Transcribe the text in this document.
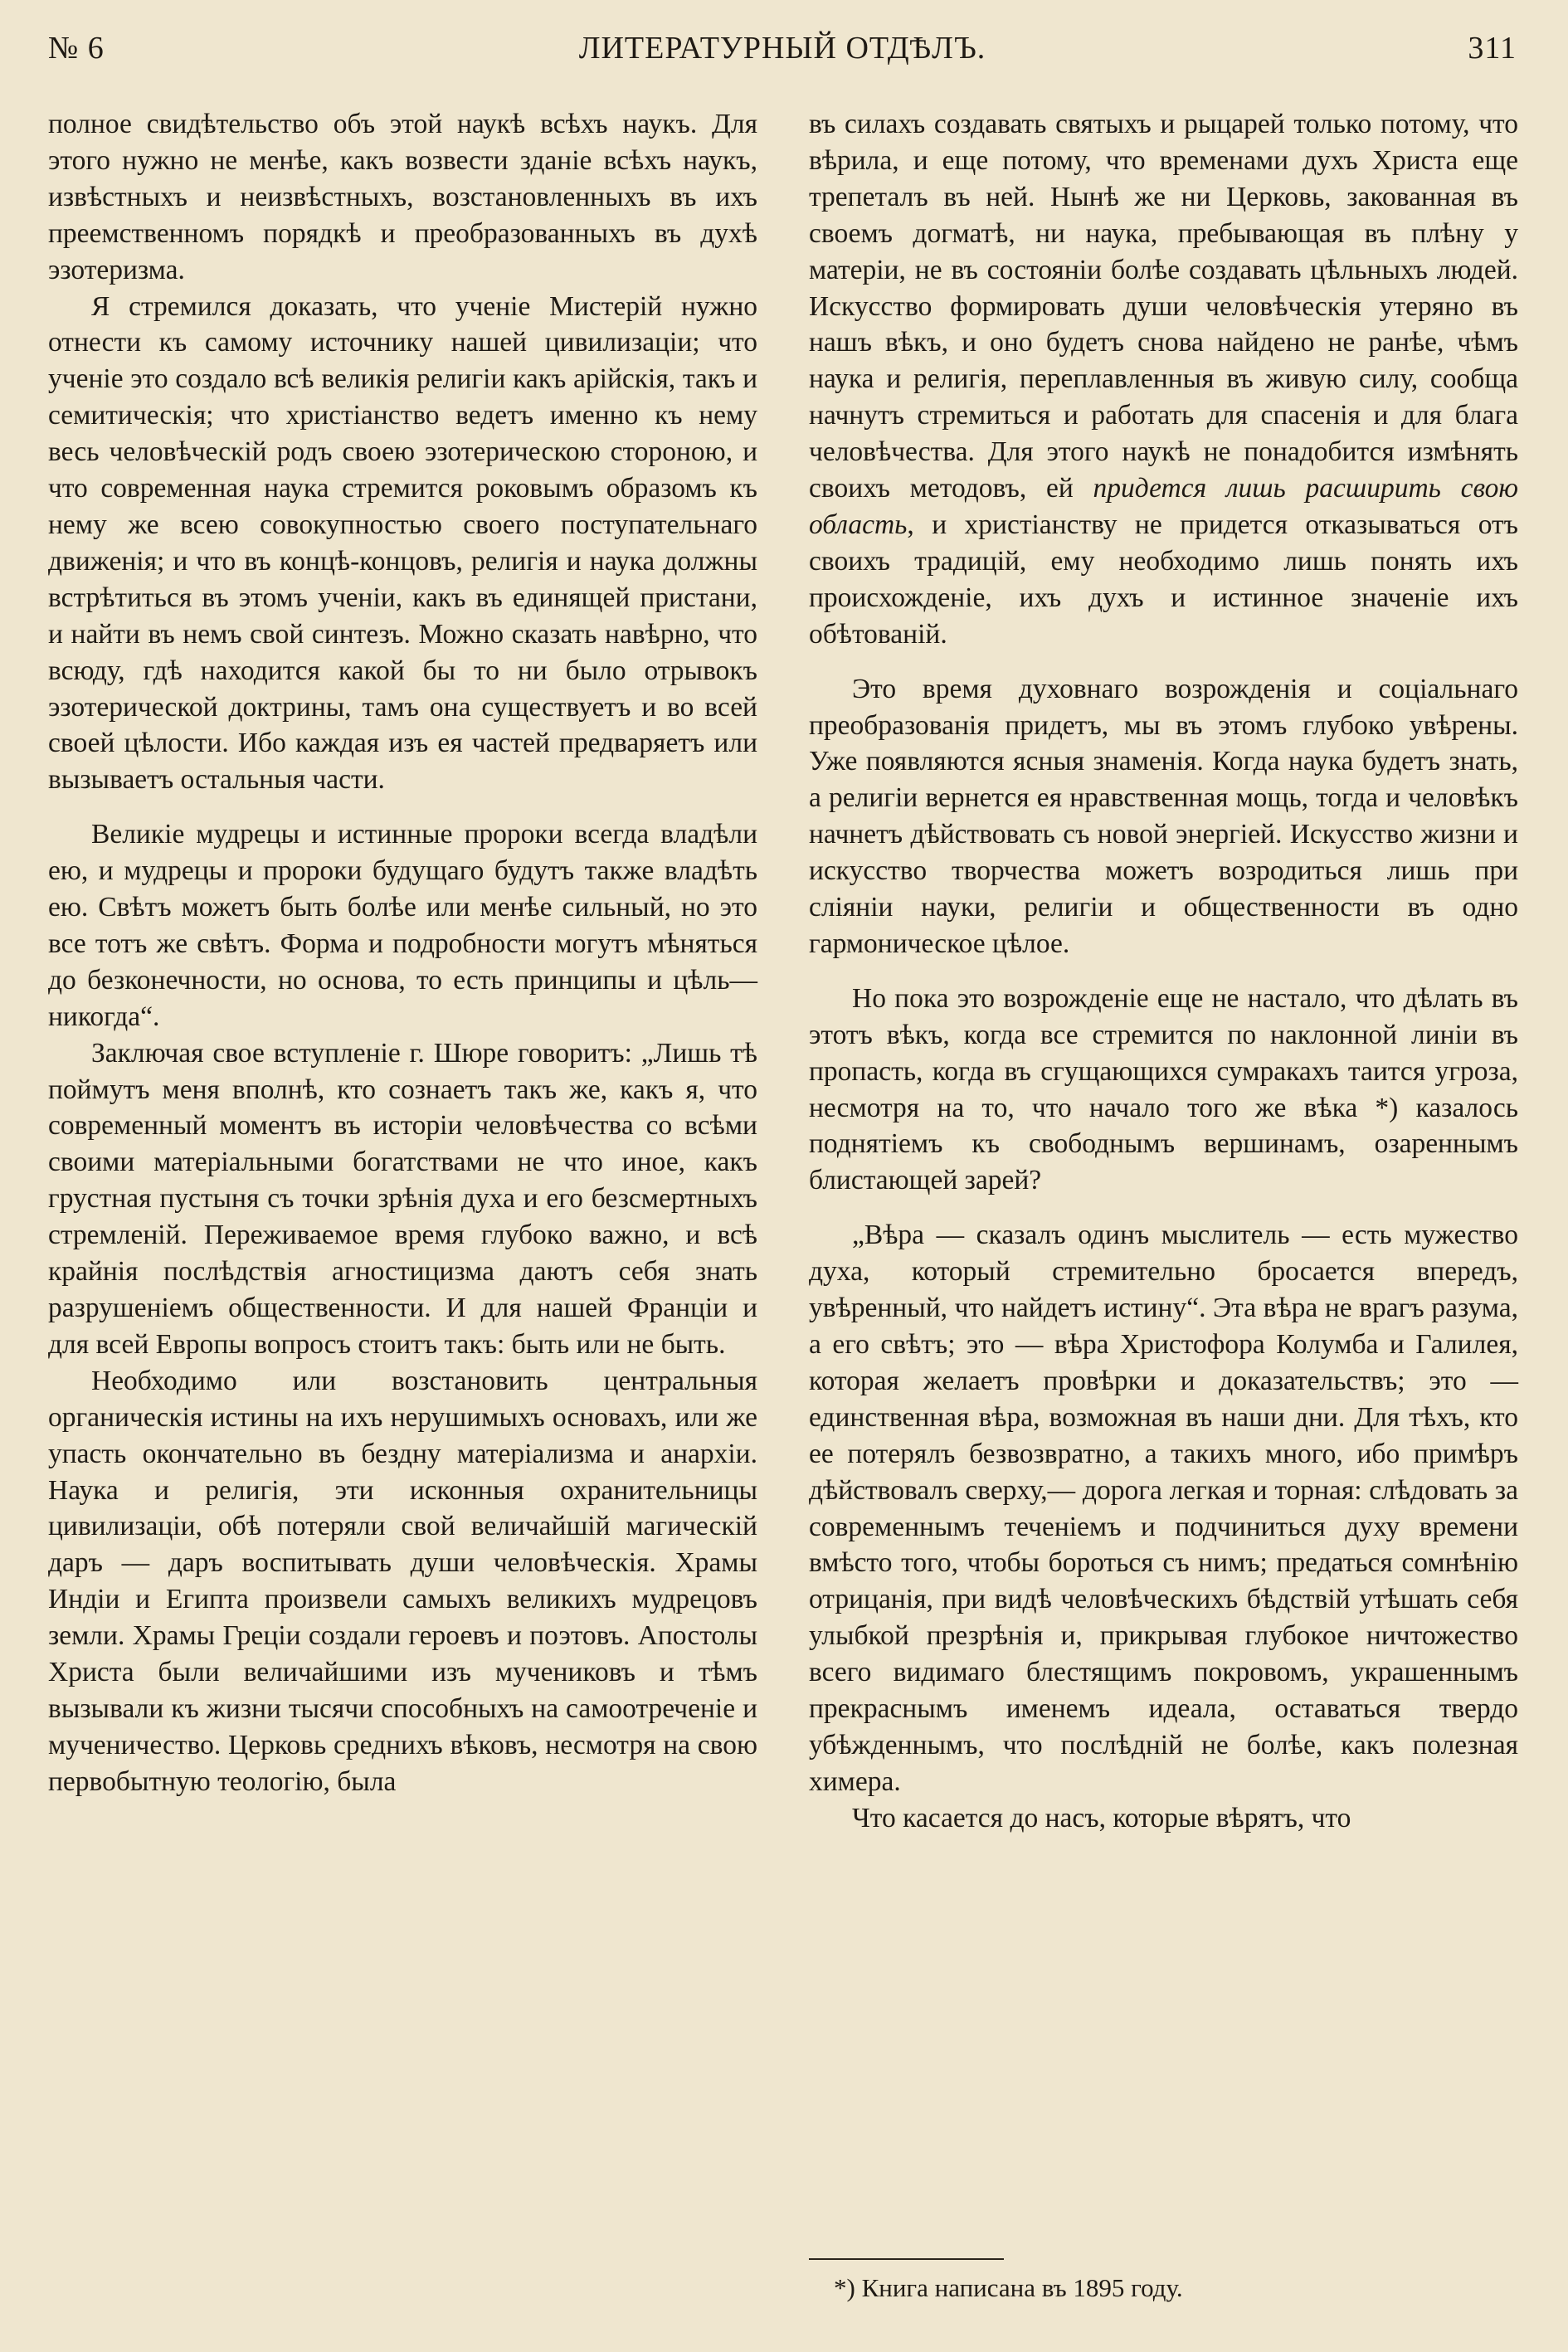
№ 6	ЛИТЕРАТУРНЫЙ ОТДѢЛЪ.	311

полное свидѣтельство объ этой наукѣ всѣхъ наукъ. Для этого нужно не менѣе, какъ возвести зданіе всѣхъ наукъ, извѣстныхъ и неизвѣстныхъ, возстановленныхъ въ ихъ преемственномъ порядкѣ и преобразованныхъ въ духѣ эзотеризма.

Я стремился доказать, что ученіе Мистерій нужно отнести къ самому источнику нашей цивилизаціи; что ученіе это создало всѣ великія религіи какъ арійскія, такъ и семитическія; что христіанство ведетъ именно къ нему весь человѣческій родъ своею эзотерическою стороною, и что современная наука стремится роковымъ образомъ къ нему же всею совокупностью своего поступательнаго движенія; и что въ концѣ-концовъ, религія и наука должны встрѣтиться въ этомъ ученіи, какъ въ единящей пристани, и найти въ немъ свой синтезъ. Можно сказать навѣрно, что всюду, гдѣ находится какой бы то ни было отрывокъ эзотерической доктрины, тамъ она существуетъ и во всей своей цѣлости. Ибо каждая изъ ея частей предваряетъ или вызываетъ остальныя части.

Великіе мудрецы и истинные пророки всегда владѣли ею, и мудрецы и пророки будущаго будутъ также владѣть ею. Свѣтъ можетъ быть болѣе или менѣе сильный, но это все тотъ же свѣтъ. Форма и подробности могутъ мѣняться до безконечности, но основа, то есть принципы и цѣль—никогда“.

Заключая свое вступленіе г. Шюре говоритъ: „Лишь тѣ поймутъ меня вполнѣ, кто сознаетъ такъ же, какъ я, что современный моментъ въ исторіи человѣчества со всѣми своими матеріальными богатствами не что иное, какъ грустная пустыня съ точки зрѣнія духа и его безсмертныхъ стремленій. Переживаемое время глубоко важно, и всѣ крайнія послѣдствія агностицизма даютъ себя знать разрушеніемъ общественности. И для нашей Франціи и для всей Европы вопросъ стоитъ такъ: быть или не быть.

Необходимо или возстановить центральныя органическія истины на ихъ нерушимыхъ основахъ, или же упасть окончательно въ бездну матеріализма и анархіи. Наука и религія, эти исконныя охранительницы цивилизаціи, обѣ потеряли свой величайшій магическій даръ — даръ воспитывать души человѣческія. Храмы Индіи и Египта произвели самыхъ великихъ мудрецовъ земли. Храмы Греціи создали героевъ и поэтовъ. Апостолы Христа были величайшими изъ мучениковъ и тѣмъ вызывали къ жизни тысячи способныхъ на самоотреченіе и мученичество. Церковь среднихъ вѣковъ, несмотря на свою первобытную теологію, была

въ силахъ создавать святыхъ и рыцарей только потому, что вѣрила, и еще потому, что временами духъ Христа еще трепеталъ въ ней. Нынѣ же ни Церковь, закованная въ своемъ догматѣ, ни наука, пребывающая въ плѣну у матеріи, не въ состояніи болѣе создавать цѣльныхъ людей. Искусство формировать души человѣческія утеряно въ нашъ вѣкъ, и оно будетъ снова найдено не ранѣе, чѣмъ наука и религія, переплавленныя въ живую силу, сообща начнутъ стремиться и работать для спасенія и для блага человѣчества. Для этого наукѣ не понадобится измѣнять своихъ методовъ, ей придется лишь расширить свою область, и христіанству не придется отказываться отъ своихъ традицій, ему необходимо лишь понять ихъ происхожденіе, ихъ духъ и истинное значеніе ихъ обѣтованій.

Это время духовнаго возрожденія и соціальнаго преобразованія придетъ, мы въ этомъ глубоко увѣрены. Уже появляются ясныя знаменія. Когда наука будетъ знать, а религіи вернется ея нравственная мощь, тогда и человѣкъ начнетъ дѣйствовать съ новой энергіей. Искусство жизни и искусство творчества можетъ возродиться лишь при сліяніи науки, религіи и общественности въ одно гармоническое цѣлое.

Но пока это возрожденіе еще не настало, что дѣлать въ этотъ вѣкъ, когда все стремится по наклонной линіи въ пропасть, когда въ сгущающихся сумракахъ таится угроза, несмотря на то, что начало того же вѣка *) казалось поднятіемъ къ свободнымъ вершинамъ, озареннымъ блистающей зарей?

„Вѣра — сказалъ одинъ мыслитель — есть мужество духа, который стремительно бросается впередъ, увѣренный, что найдетъ истину“. Эта вѣра не врагъ разума, а его свѣтъ; это — вѣра Христофора Колумба и Галилея, которая желаетъ провѣрки и доказательствъ; это — единственная вѣра, возможная въ наши дни. Для тѣхъ, кто ее потерялъ безвозвратно, а такихъ много, ибо примѣръ дѣйствовалъ сверху,— дорога легкая и торная: слѣдовать за современнымъ теченіемъ и подчиниться духу времени вмѣсто того, чтобы бороться съ нимъ; предаться сомнѣнію отрицанія, при видѣ человѣческихъ бѣдствій утѣшать себя улыбкой презрѣнія и, прикрывая глубокое ничтожество всего видимаго блестящимъ покровомъ, украшеннымъ прекраснымъ именемъ идеала, оставаться твердо убѣжденнымъ, что послѣдній не болѣе, какъ полезная химера.

Что касается до насъ, которые вѣрятъ, что

*) Книга написана въ 1895 году.
